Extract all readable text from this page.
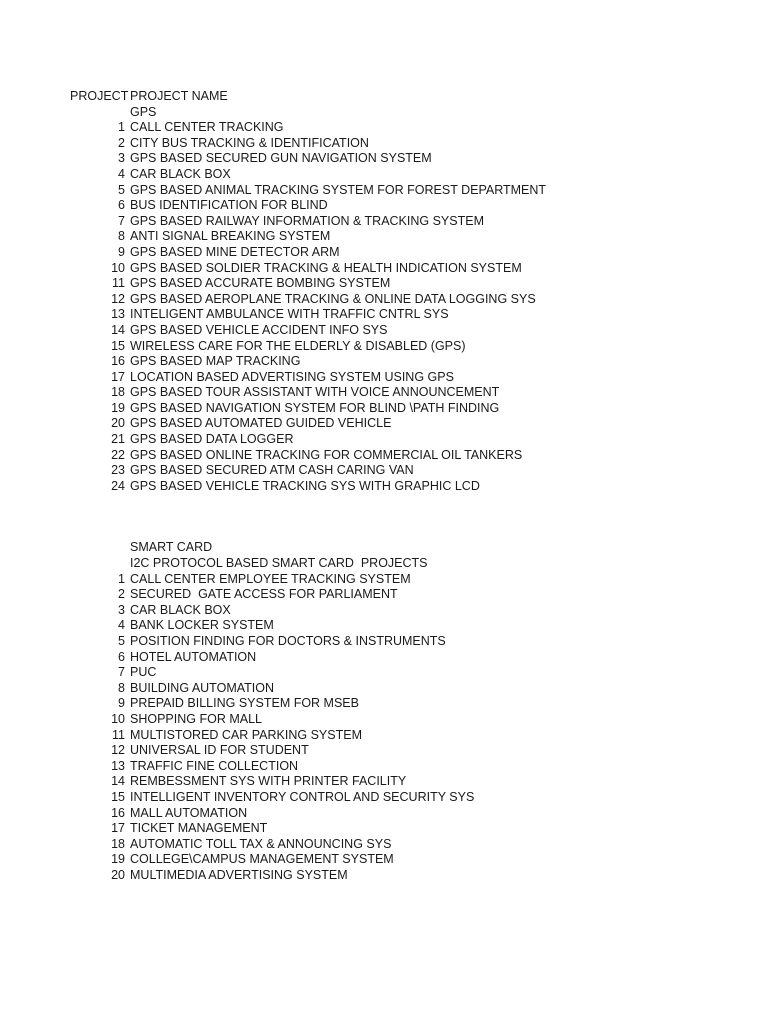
PROJECT PROJECT NAME
GPS
1 CALL CENTER TRACKING
2 CITY BUS TRACKING & IDENTIFICATION
3 GPS BASED SECURED GUN NAVIGATION SYSTEM
4 CAR BLACK BOX
5 GPS BASED ANIMAL TRACKING SYSTEM FOR FOREST DEPARTMENT
6 BUS IDENTIFICATION FOR BLIND
7 GPS BASED RAILWAY INFORMATION & TRACKING SYSTEM
8 ANTI SIGNAL BREAKING SYSTEM
9 GPS BASED MINE DETECTOR ARM
10 GPS BASED SOLDIER TRACKING & HEALTH INDICATION SYSTEM
11 GPS BASED ACCURATE BOMBING SYSTEM
12 GPS BASED AEROPLANE TRACKING & ONLINE DATA LOGGING SYS
13 INTELIGENT AMBULANCE WITH TRAFFIC CNTRL SYS
14 GPS BASED VEHICLE ACCIDENT INFO SYS
15 WIRELESS CARE FOR THE ELDERLY & DISABLED (GPS)
16 GPS BASED MAP TRACKING
17 LOCATION BASED ADVERTISING SYSTEM USING GPS
18 GPS BASED TOUR ASSISTANT WITH VOICE ANNOUNCEMENT
19 GPS BASED NAVIGATION SYSTEM FOR BLIND \PATH FINDING
20 GPS BASED AUTOMATED GUIDED VEHICLE
21 GPS BASED DATA LOGGER
22 GPS BASED ONLINE TRACKING FOR COMMERCIAL OIL TANKERS
23 GPS BASED SECURED ATM CASH CARING VAN
24 GPS BASED VEHICLE TRACKING SYS WITH GRAPHIC LCD
SMART CARD
I2C PROTOCOL BASED SMART CARD  PROJECTS
1 CALL CENTER EMPLOYEE TRACKING SYSTEM
2 SECURED  GATE ACCESS FOR PARLIAMENT
3 CAR BLACK BOX
4 BANK LOCKER SYSTEM
5 POSITION FINDING FOR DOCTORS & INSTRUMENTS
6 HOTEL AUTOMATION
7 PUC
8 BUILDING AUTOMATION
9 PREPAID BILLING SYSTEM FOR MSEB
10 SHOPPING FOR MALL
11 MULTISTORED CAR PARKING SYSTEM
12 UNIVERSAL ID FOR STUDENT
13 TRAFFIC FINE COLLECTION
14 REMBESSMENT SYS WITH PRINTER FACILITY
15 INTELLIGENT INVENTORY CONTROL AND SECURITY SYS
16 MALL AUTOMATION
17 TICKET MANAGEMENT
18 AUTOMATIC TOLL TAX & ANNOUNCING SYS
19 COLLEGE\CAMPUS MANAGEMENT SYSTEM
20 MULTIMEDIA ADVERTISING SYSTEM
